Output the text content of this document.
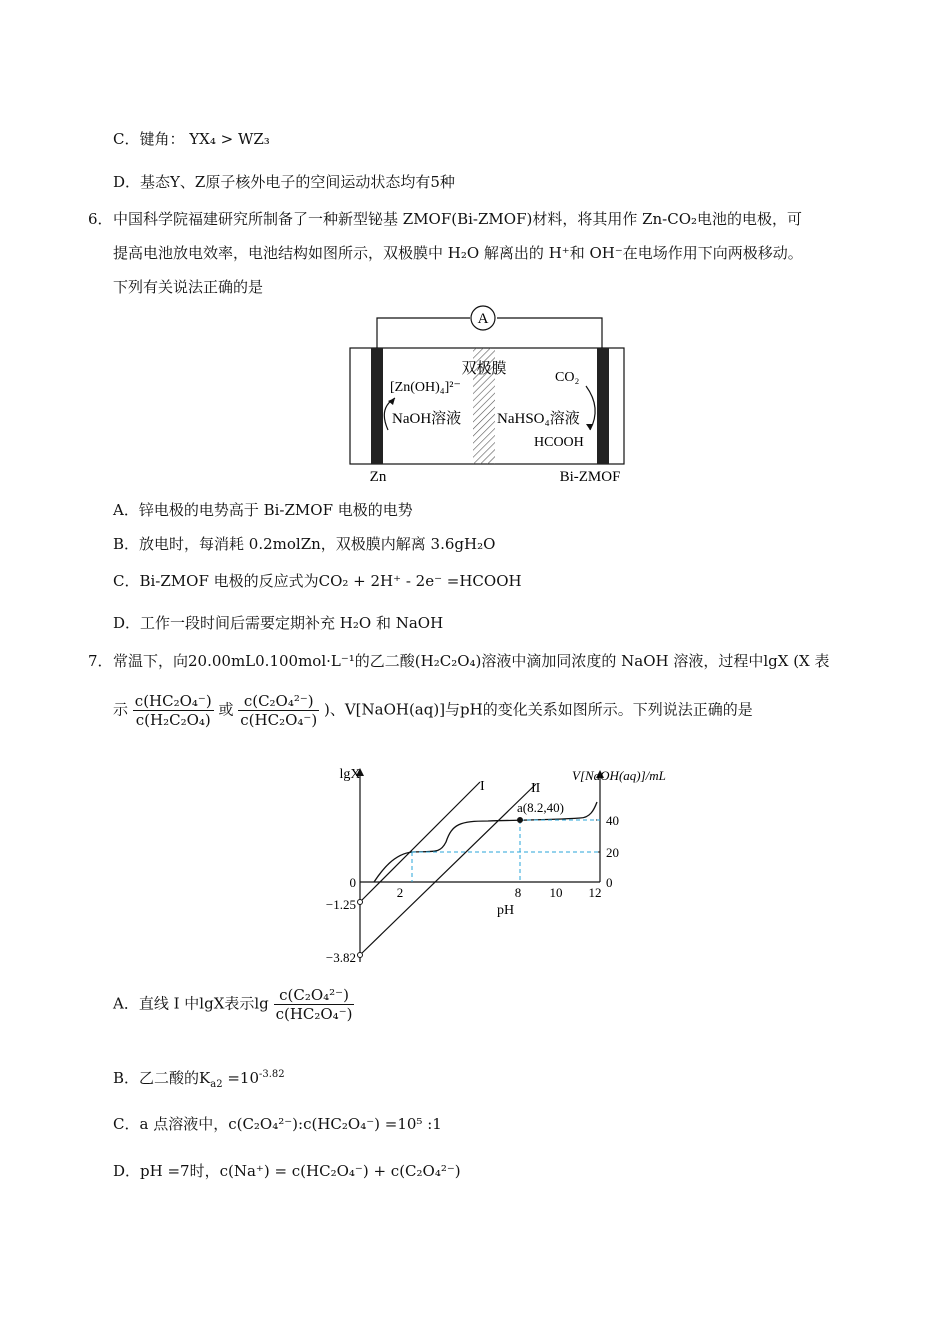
C．键角： YX₄ > WZ₃
D．基态Y、Z原子核外电子的空间运动状态均有5种
6． 中国科学院福建研究所制备了一种新型铋基 ZMOF(Bi-ZMOF)材料，将其用作 Zn-CO₂电池的电极，可
提高电池放电效率，电池结构如图所示，双极膜中 H₂O 解离出的 H⁺和 OH⁻在电场作用下向两极移动。
下列有关说法正确的是
A
双极膜
[Zn(OH)₄]²⁻
NaOH溶液 NaHSO₄溶液
CO₂
HCOOH
Zn	Bi-ZMOF
A．锌电极的电势高于 Bi-ZMOF 电极的电势
B．放电时，每消耗 0.2molZn，双极膜内解离 3.6gH₂O
C．Bi-ZMOF 电极的反应式为CO₂ + 2H⁺ - 2e⁻ =HCOOH
D．工作一段时间后需要定期补充 H₂O 和 NaOH
7． 常温下，向20.00mL0.100mol·L⁻¹的乙二酸(H₂C₂O₄)溶液中滴加同浓度的 NaOH 溶液，过程中lgX (X 表
示 $\frac{\text{c(HC₂O₄⁻)}}{\text{c(H₂C₂O₄)}}$ 或 $\frac{\text{c(C₂O₄²⁻)}}{\text{c(HC₂O₄⁻)}}$ )、V[NaOH(aq)]与pH的变化关系如图所示。下列说法正确的是
lgX	V[NaOH(aq)]/mL
pH
0
2	8 10 12
−1.25
−3.82
40
20
0
I	II
a(8.2,40)
A．直线 I 中lgX表示$\lg \frac{\text{c(C₂O₄²⁻)}}{\text{c(HC₂O₄⁻)}}$
B．乙二酸的$K_{a2} =10^{-3.82}$
C．a 点溶液中，c(C₂O₄²⁻):c(HC₂O₄⁻) =10⁵ :1
D．pH =7时，c(Na⁺) = c(HC₂O₄⁻) + c(C₂O₄²⁻)
